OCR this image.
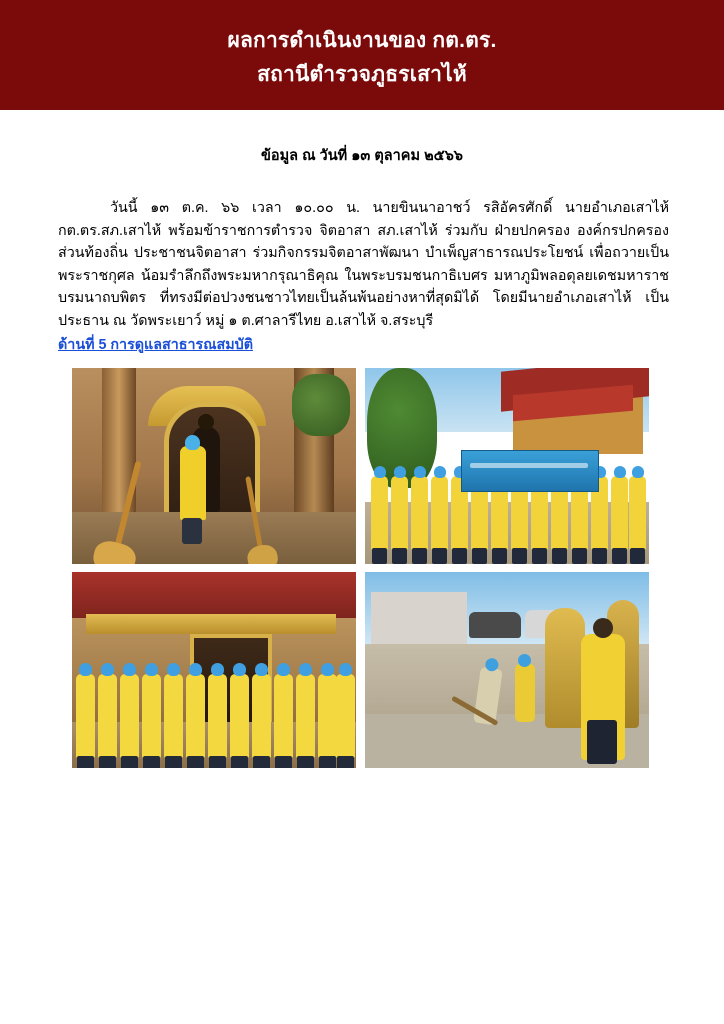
ผลการดำเนินงานของ กต.ตร.
สถานีตำรวจภูธรเสาไห้
ข้อมูล ณ วันที่ ๑๓ ตุลาคม ๒๕๖๖
วันนี้ ๑๓ ต.ค. ๖๖ เวลา ๑๐.๐๐ น. นายขินนาอาชว์ รสิอัครศักดิ์ นายอำเภอเสาไห้ กต.ตร.สภ.เสาไห้ พร้อมข้าราชการตำรวจ จิตอาสา สภ.เสาไห้ ร่วมกับ ฝ่ายปกครอง องค์กรปกครองส่วนท้องถิ่น ประชาชนจิตอาสา ร่วมกิจกรรมจิตอาสาพัฒนา บำเพ็ญสาธารณประโยชน์ เพื่อถวายเป็นพระราชกุศล น้อมรำลึกถึงพระมหากรุณาธิคุณ ในพระบรมชนกาธิเบศร มหาภูมิพลอดุลยเดชมหาราช บรมนาถบพิตร ที่ทรงมีต่อปวงชนชาวไทยเป็นล้นพ้นอย่างหาที่สุดมิได้ โดยมีนายอำเภอเสาไห้ เป็นประธาน ณ วัดพระเยาว์ หมู่ ๑ ต.ศาลารีไทย อ.เสาไห้ จ.สระบุรี
ด้านที่ 5 การดูแลสาธารณสมบัติ
